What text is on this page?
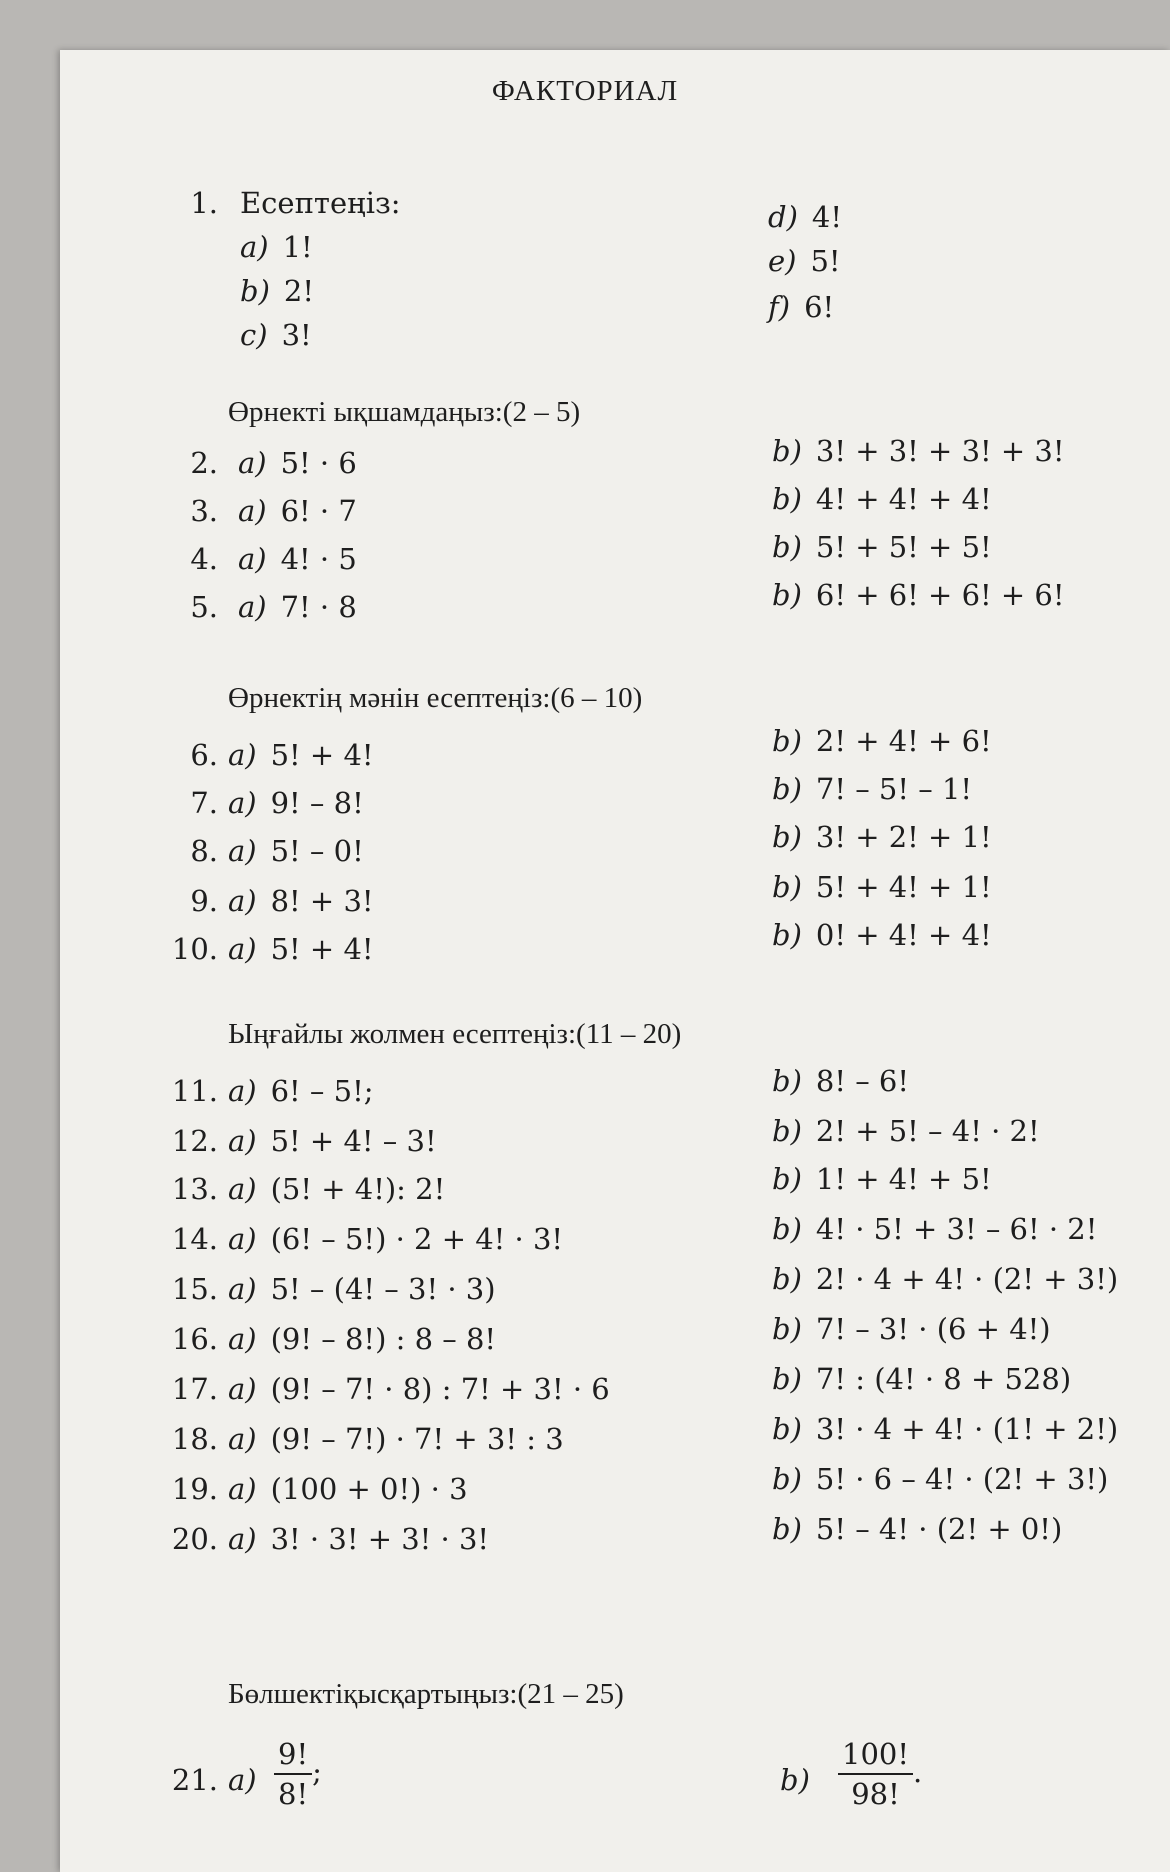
ФАКТОРИАЛ
1. Есептеңіз:
a) 1!
b) 2!
c) 3!
d) 4!
e) 5!
f) 6!
Өрнекті ықшамдаңыз:(2 – 5)
Өрнектің мәнін есептеңіз:(6 – 10)
Ыңғайлы жолмен есептеңіз:(11 – 20)
Бөлшектіқысқартыңыз:(21 – 25)
2. a) 5! · 6	b) 3! + 3! + 3! + 3!
3. a) 6! · 7	b) 4! + 4! + 4!
4. a) 4! · 5	b) 5! + 5! + 5!
5. a) 7! · 8	b) 6! + 6! + 6! + 6!
6. a) 5! + 4!	b) 2! + 4! + 6!
7. a) 9! – 8!	b) 7! – 5! – 1!
8. a) 5! – 0!	b) 3! + 2! + 1!
9. a) 8! + 3!	b) 5! + 4! + 1!
10. a) 5! + 4!	b) 0! + 4! + 4!
11. a) 6! – 5!;	b) 8! – 6!
12. a) 5! + 4! – 3!	b) 2! + 5! – 4! · 2!
13. a) (5! + 4!): 2!	b) 1! + 4! + 5!
14. a) (6! – 5!) · 2 + 4! · 3!	b) 4! · 5! + 3! – 6! · 2!
15. a) 5! – (4! – 3! · 3)	b) 2! · 4 + 4! · (2! + 3!)
16. a) (9! – 8!) : 8 – 8!	b) 7! – 3! · (6 + 4!)
17. a) (9! – 7! · 8) : 7! + 3! · 6	b) 7! : (4! · 8 + 528)
18. a) (9! – 7!) · 7! + 3! : 3	b) 3! · 4 + 4! · (1! + 2!)
19. a) (100 + 0!) · 3	b) 5! · 6 – 4! · (2! + 3!)
20. a) 3! · 3! + 3! · 3!	b) 5! – 4! · (2! + 0!)
21. $a) \frac{9!}{8!}$ ;	$b) \frac{100!}{98!}$ .
